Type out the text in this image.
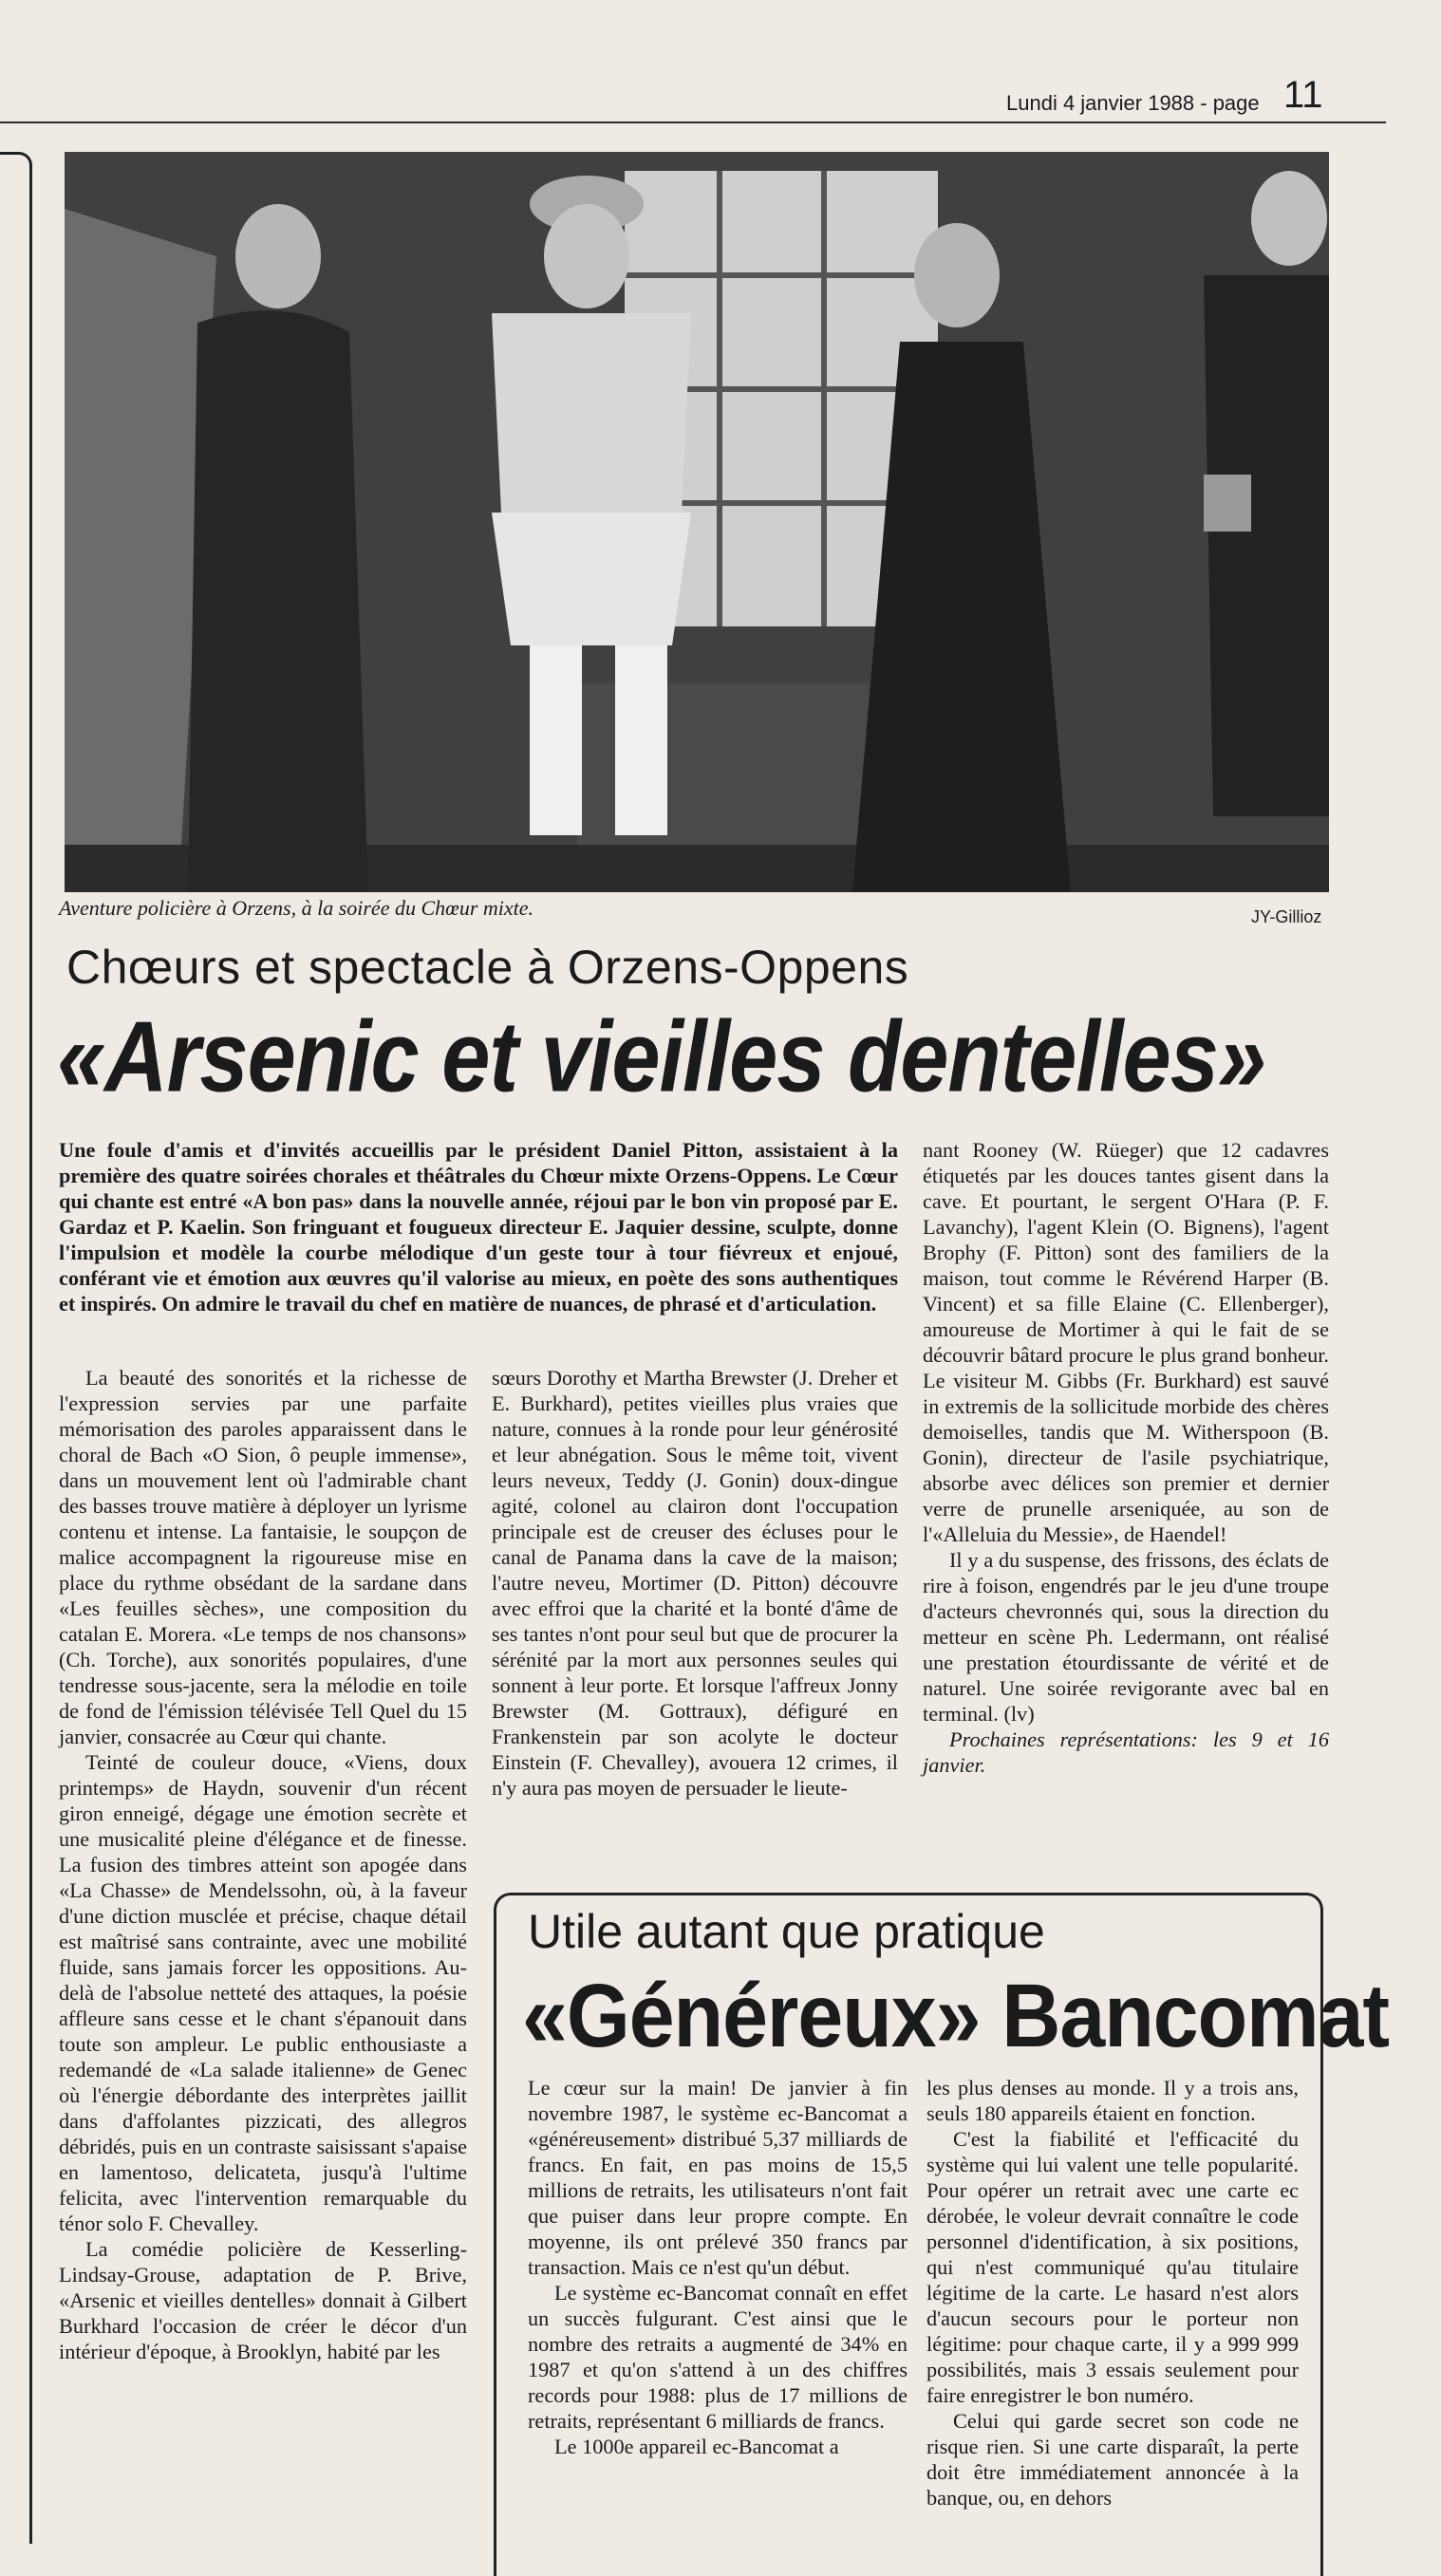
Lundi 4 janvier 1988 - page 11
Aventure policière à Orzens, à la soirée du Chœur mixte.	JY-Gillioz
Chœurs et spectacle à Orzens-Oppens
«Arsenic et vieilles dentelles»
Une foule d'amis et d'invités accueillis par le président Daniel Pitton, assistaient à la première des quatre soirées chorales et théâtrales du Chœur mixte Orzens-Oppens. Le Cœur qui chante est entré «A bon pas» dans la nouvelle année, réjoui par le bon vin proposé par E. Gardaz et P. Kaelin. Son fringuant et fougueux directeur E. Jaquier dessine, sculpte, donne l'impulsion et modèle la courbe mélodique d'un geste tour à tour fiévreux et enjoué, conférant vie et émotion aux œuvres qu'il valorise au mieux, en poète des sons authentiques et inspirés. On admire le travail du chef en matière de nuances, de phrasé et d'articulation.

La beauté des sonorités et la richesse de l'expression servies par une parfaite mémorisation des paroles apparaissent dans le choral de Bach «O Sion, ô peuple immense», dans un mouvement lent où l'admirable chant des basses trouve matière à déployer un lyrisme contenu et intense. La fantaisie, le soupçon de malice accompagnent la rigoureuse mise en place du rythme obsédant de la sardane dans «Les feuilles sèches», une composition du catalan E. Morera. «Le temps de nos chansons» (Ch. Torche), aux sonorités populaires, d'une tendresse sous-jacente, sera la mélodie en toile de fond de l'émission télévisée Tell Quel du 15 janvier, consacrée au Cœur qui chante.

Teinté de couleur douce, «Viens, doux printemps» de Haydn, souvenir d'un récent giron enneigé, dégage une émotion secrète et une musicalité pleine d'élégance et de finesse. La fusion des timbres atteint son apogée dans «La Chasse» de Mendelssohn, où, à la faveur d'une diction musclée et précise, chaque détail est maîtrisé sans contrainte, avec une mobilité fluide, sans jamais forcer les oppositions. Au-delà de l'absolue netteté des attaques, la poésie affleure sans cesse et le chant s'épanouit dans toute son ampleur. Le public enthousiaste a redemandé de «La salade italienne» de Genec où l'énergie débordante des interprètes jaillit dans d'affolantes pizzicati, des allegros débridés, puis en un contraste saisissant s'apaise en lamentoso, delicateta, jusqu'à l'ultime felicita, avec l'intervention remarquable du ténor solo F. Chevalley.

La comédie policière de Kesserling-Lindsay-Grouse, adaptation de P. Brive, «Arsenic et vieilles dentelles» donnait à Gilbert Burkhard l'occasion de créer le décor d'un intérieur d'époque, à Brooklyn, habité par les

sœurs Dorothy et Martha Brewster (J. Dreher et E. Burkhard), petites vieilles plus vraies que nature, connues à la ronde pour leur générosité et leur abnégation. Sous le même toit, vivent leurs neveux, Teddy (J. Gonin) doux-dingue agité, colonel au clairon dont l'occupation principale est de creuser des écluses pour le canal de Panama dans la cave de la maison; l'autre neveu, Mortimer (D. Pitton) découvre avec effroi que la charité et la bonté d'âme de ses tantes n'ont pour seul but que de procurer la sérénité par la mort aux personnes seules qui sonnent à leur porte. Et lorsque l'affreux Jonny Brewster (M. Gottraux), défiguré en Frankenstein par son acolyte le docteur Einstein (F. Chevalley), avouera 12 crimes, il n'y aura pas moyen de persuader le lieute-

nant Rooney (W. Rüeger) que 12 cadavres étiquetés par les douces tantes gisent dans la cave. Et pourtant, le sergent O'Hara (P. F. Lavanchy), l'agent Klein (O. Bignens), l'agent Brophy (F. Pitton) sont des familiers de la maison, tout comme le Révérend Harper (B. Vincent) et sa fille Elaine (C. Ellenberger), amoureuse de Mortimer à qui le fait de se découvrir bâtard procure le plus grand bonheur. Le visiteur M. Gibbs (Fr. Burkhard) est sauvé in extremis de la sollicitude morbide des chères demoiselles, tandis que M. Witherspoon (B. Gonin), directeur de l'asile psychiatrique, absorbe avec délices son premier et dernier verre de prunelle arseniquée, au son de l'«Alleluia du Messie», de Haendel!

Il y a du suspense, des frissons, des éclats de rire à foison, engendrés par le jeu d'une troupe d'acteurs chevronnés qui, sous la direction du metteur en scène Ph. Ledermann, ont réalisé une prestation étourdissante de vérité et de naturel. Une soirée revigorante avec bal en terminal. (lv)

Prochaines représentations: les 9 et 16 janvier.

Utile autant que pratique
«Généreux» Bancomat

Le cœur sur la main! De janvier à fin novembre 1987, le système ec-Bancomat a «généreusement» distribué 5,37 milliards de francs. En fait, en pas moins de 15,5 millions de retraits, les utilisateurs n'ont fait que puiser dans leur propre compte. En moyenne, ils ont prélevé 350 francs par transaction. Mais ce n'est qu'un début.

Le système ec-Bancomat connaît en effet un succès fulgurant. C'est ainsi que le nombre des retraits a augmenté de 34% en 1987 et qu'on s'attend à un des chiffres records pour 1988: plus de 17 millions de retraits, représentant 6 milliards de francs.

Le 1000e appareil ec-Bancomat a

les plus denses au monde. Il y a trois ans, seuls 180 appareils étaient en fonction.

C'est la fiabilité et l'efficacité du système qui lui valent une telle popularité. Pour opérer un retrait avec une carte ec dérobée, le voleur devrait connaître le code personnel d'identification, à six positions, qui n'est communiqué qu'au titulaire légitime de la carte. Le hasard n'est alors d'aucun secours pour le porteur non légitime: pour chaque carte, il y a 999 999 possibilités, mais 3 essais seulement pour faire enregistrer le bon numéro.

Celui qui garde secret son code ne risque rien. Si une carte disparaît, la perte doit être immédiatement annoncée à la banque, ou, en dehors
